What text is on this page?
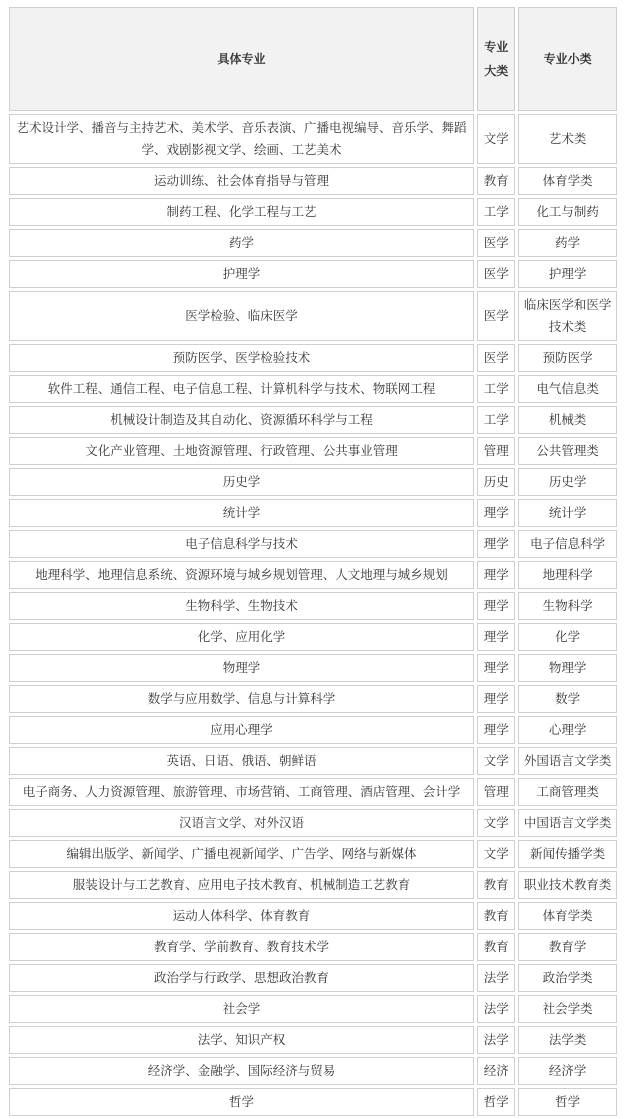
具体专业	专业大类	专业小类
艺术设计学、播音与主持艺术、美术学、音乐表演、广播电视编导、音乐学、舞蹈学、戏剧影视文学、绘画、工艺美术	文学	艺术类
运动训练、社会体育指导与管理	教育	体育学类
制药工程、化学工程与工艺	工学	化工与制药
药学	医学	药学
护理学	医学	护理学
医学检验、临床医学	医学	临床医学和医学技术类
预防医学、医学检验技术	医学	预防医学
软件工程、通信工程、电子信息工程、计算机科学与技术、物联网工程	工学	电气信息类
机械设计制造及其自动化、资源循环科学与工程	工学	机械类
文化产业管理、土地资源管理、行政管理、公共事业管理	管理	公共管理类
历史学	历史	历史学
统计学	理学	统计学
电子信息科学与技术	理学	电子信息科学
地理科学、地理信息系统、资源环境与城乡规划管理、人文地理与城乡规划	理学	地理科学
生物科学、生物技术	理学	生物科学
化学、应用化学	理学	化学
物理学	理学	物理学
数学与应用数学、信息与计算科学	理学	数学
应用心理学	理学	心理学
英语、日语、俄语、朝鲜语	文学	外国语言文学类
电子商务、人力资源管理、旅游管理、市场营销、工商管理、酒店管理、会计学	管理	工商管理类
汉语言文学、对外汉语	文学	中国语言文学类
编辑出版学、新闻学、广播电视新闻学、广告学、网络与新媒体	文学	新闻传播学类
服装设计与工艺教育、应用电子技术教育、机械制造工艺教育	教育	职业技术教育类
运动人体科学、体育教育	教育	体育学类
教育学、学前教育、教育技术学	教育	教育学
政治学与行政学、思想政治教育	法学	政治学类
社会学	法学	社会学类
法学、知识产权	法学	法学类
经济学、金融学、国际经济与贸易	经济	经济学
哲学	哲学	哲学
